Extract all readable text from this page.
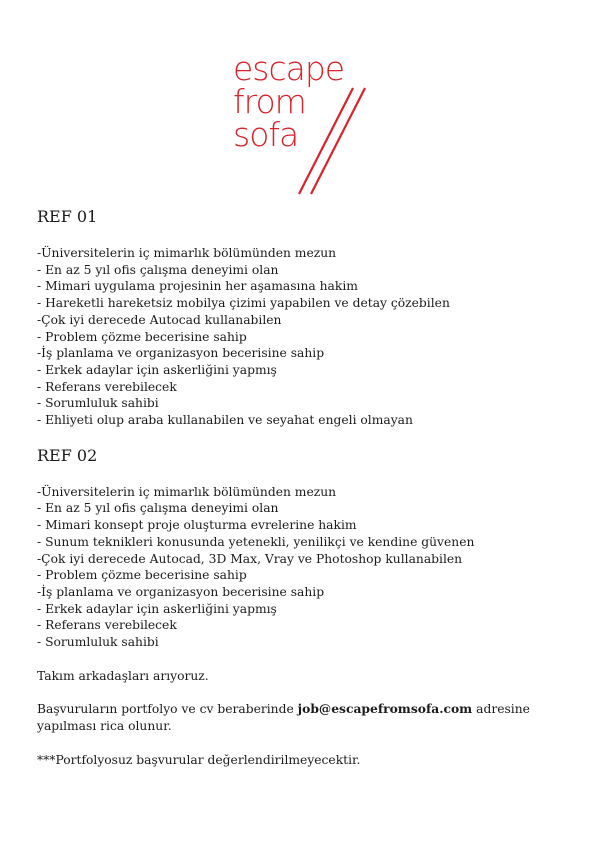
escape
from
sofa
REF 01
-Üniversitelerin iç mimarlık bölümünden mezun
- En az 5 yıl ofis çalışma deneyimi olan
- Mimari uygulama projesinin her aşamasına hakim
- Hareketli hareketsiz mobilya çizimi yapabilen ve detay çözebilen
-Çok iyi derecede Autocad kullanabilen
- Problem çözme becerisine sahip
-İş planlama ve organizasyon becerisine sahip
- Erkek adaylar için askerliğini yapmış
- Referans verebilecek
- Sorumluluk sahibi
- Ehliyeti olup araba kullanabilen ve seyahat engeli olmayan
REF 02
-Üniversitelerin iç mimarlık bölümünden mezun
- En az 5 yıl ofis çalışma deneyimi olan
- Mimari konsept proje oluşturma evrelerine hakim
- Sunum teknikleri konusunda yetenekli, yenilikçi ve kendine güvenen
-Çok iyi derecede Autocad, 3D Max, Vray ve Photoshop kullanabilen
- Problem çözme becerisine sahip
-İş planlama ve organizasyon becerisine sahip
- Erkek adaylar için askerliğini yapmış
- Referans verebilecek
- Sorumluluk sahibi

Takım arkadaşları arıyoruz.

Başvuruların portfolyo ve cv beraberinde job@escapefromsofa.com adresine yapılması rica olunur.

***Portfolyosuz başvurular değerlendirilmeyecektir.
